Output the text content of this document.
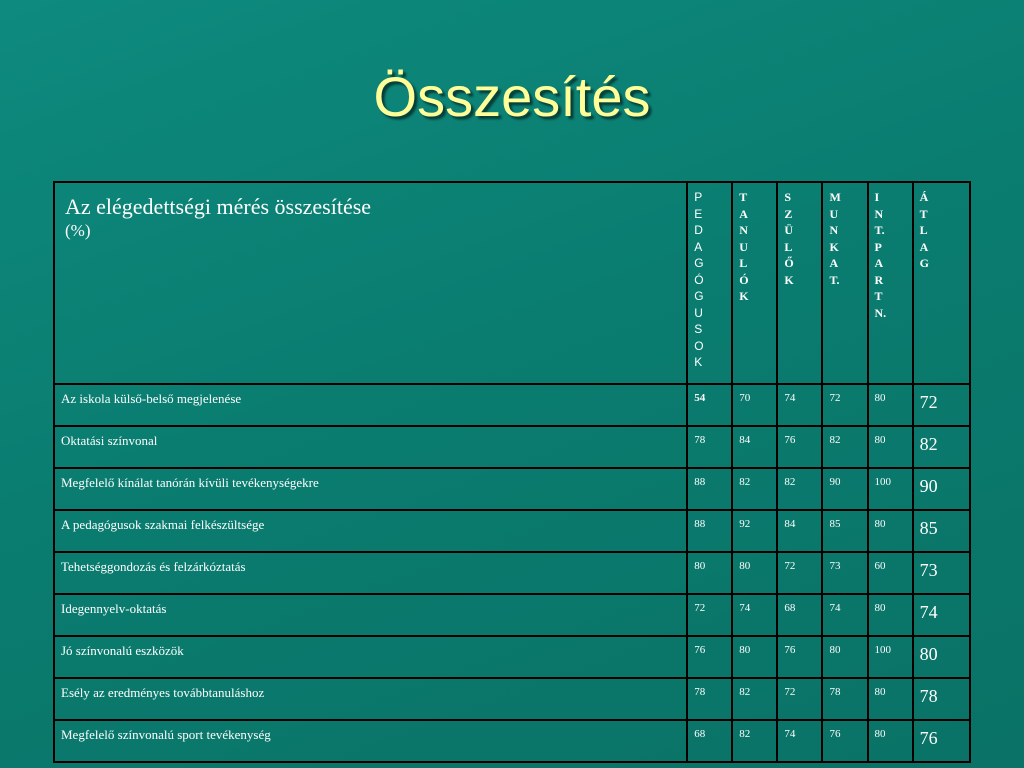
Összesítés
Az elégedettségi mérés összesítése
(%)	PEDAGÓGUSOK	TANULÓK	SZÜLŐK	MUNKAT.	INT.PARTN.	ÁTLAG

Az iskola külső-belső megjelenése	54	70	74	72	80	72
Oktatási színvonal	78	84	76	82	80	82
Megfelelő kínálat tanórán kívüli tevékenységekre	88	82	82	90	100	90
A pedagógusok szakmai felkészültsége	88	92	84	85	80	85
Tehetséggondozás és felzárkóztatás	80	80	72	73	60	73
Idegennyelv-oktatás	72	74	68	74	80	74
Jó színvonalú eszközök	76	80	76	80	100	80
Esély az eredményes továbbtanuláshoz	78	82	72	78	80	78
Megfelelő színvonalú sport tevékenység	68	82	74	76	80	76
